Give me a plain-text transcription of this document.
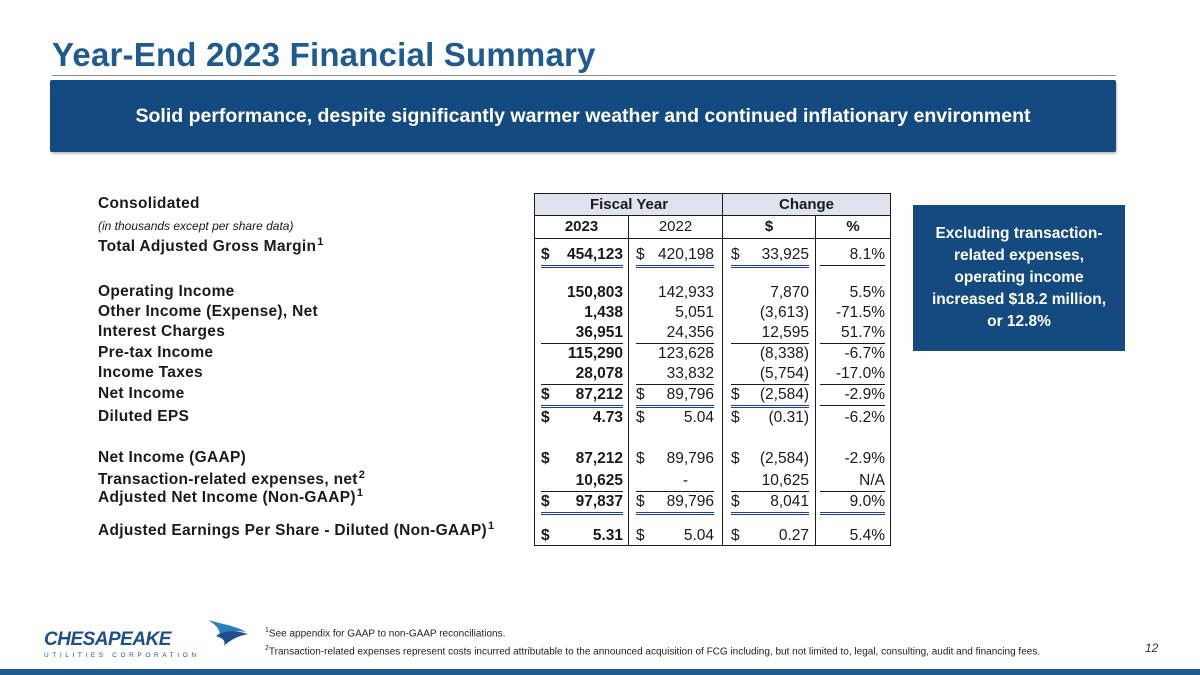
Year-End 2023 Financial Summary
Solid performance, despite significantly warmer weather and continued inflationary environment
Excluding transaction-related expenses, operating income increased $18.2 million, or 12.8%
Fiscal Year	Change
2023	2022	$	%
Consolidated
(in thousands except per share data)
Total Adjusted Gross Margin$^1$
$ 454,123 $ 420,198 $ 33,925	8.1%
Operating Income	150,803 142,933	7,870	5.5%
Other Income (Expense), Net	1,438	5,051	(3,613) -71.5%
Interest Charges	36,951	24,356	12,595 51.7%
Pre-tax Income	115,290 123,628	(8,338) -6.7%
Income Taxes	28,078	33,832	(5,754) -17.0%
Net Income	$ 87,212 $ 89,796 $ (2,584) -2.9%
Diluted EPS	$	4.73 $	5.04 $ (0.31) -6.2%
Net Income (GAAP)	$ 87,212 $ 89,796 $ (2,584) -2.9%
Transaction-related expenses, net$^2$	10,625	-	10,625	N/A
Adjusted Net Income (Non-GAAP)$^1$	$ 97,837 $ 89,796 $ 8,041	9.0%
Adjusted Earnings Per Share - Diluted (Non-GAAP)$^1$
$	5.31 $	5.04 $	0.27	5.4%
CHESAPEAKE
UTILITIES CORPORATION
$^1$See appendix for GAAP to non-GAAP reconciliations.
$^2$Transaction-related expenses represent costs incurred attributable to the announced acquisition of FCG including, but not limited to, legal, consulting, audit and financing fees.	12
